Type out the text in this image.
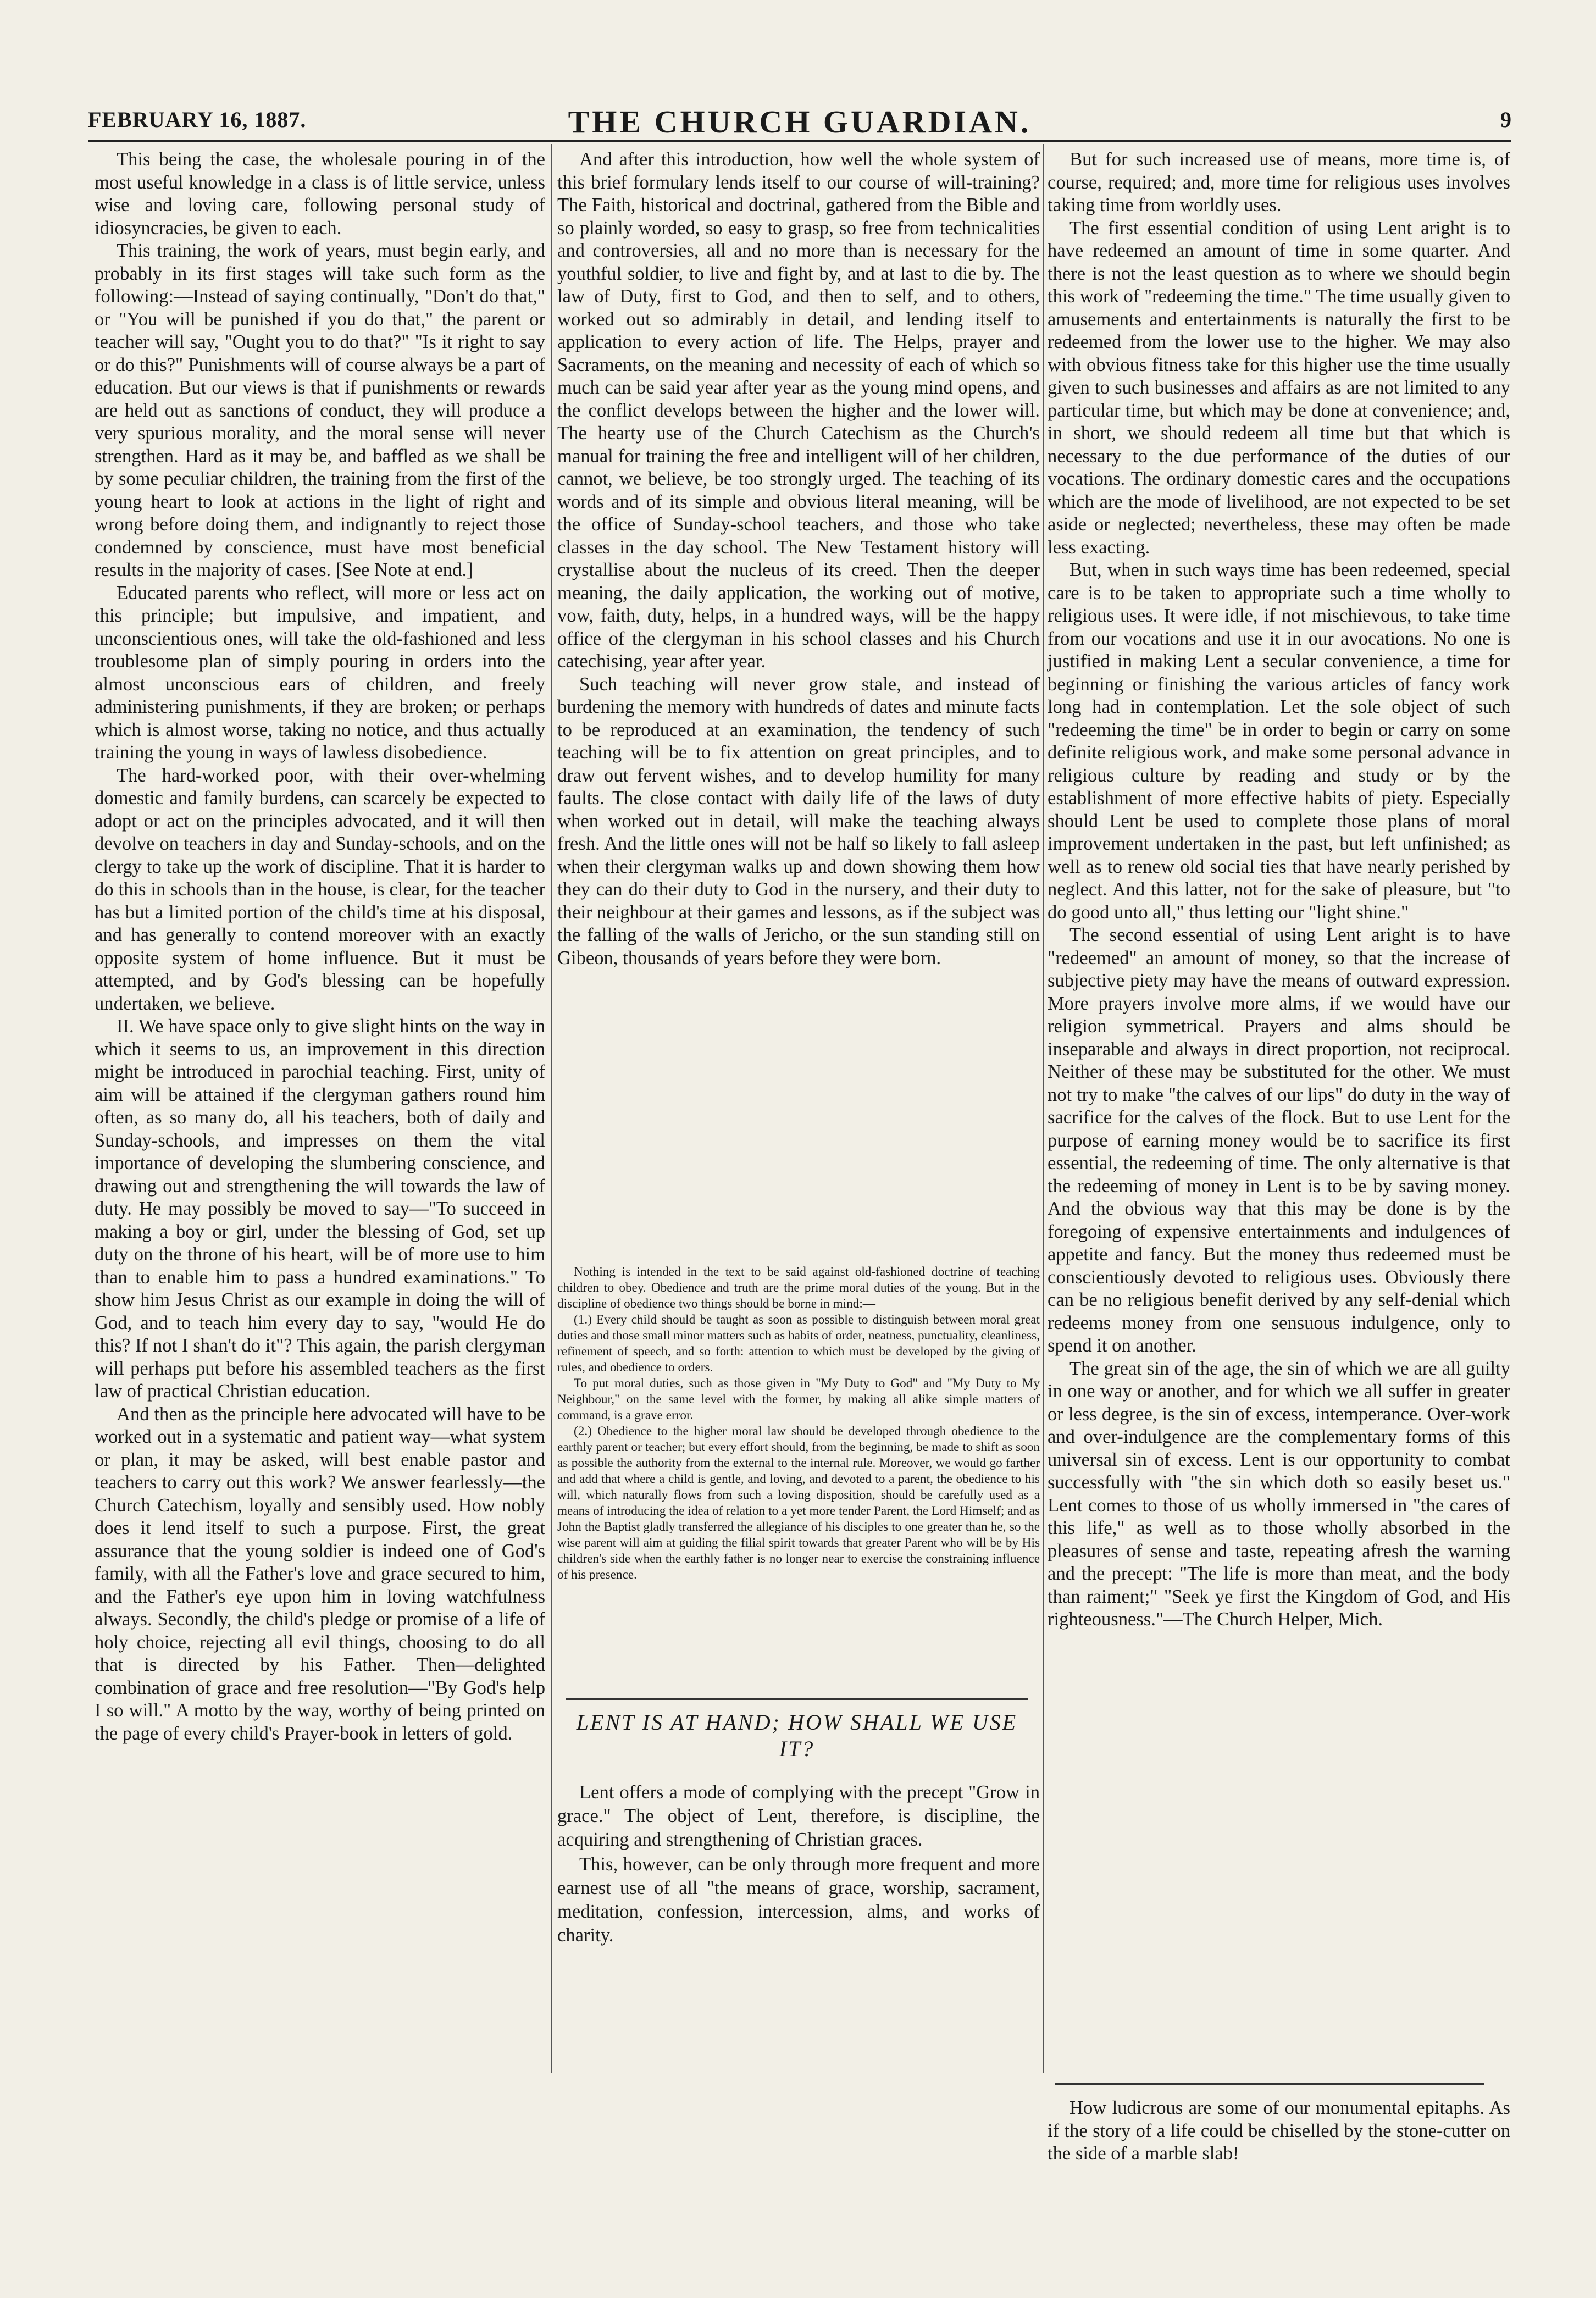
FEBRUARY 16, 1887.	THE CHURCH GUARDIAN.	9

This being the case, the wholesale pouring in of the most useful knowledge in a class is of little service, unless wise and loving care, following personal study of idiosyncracies, be given to each.

This training, the work of years, must begin early, and probably in its first stages will take such form as the following:—Instead of saying continually, "Don't do that," or "You will be punished if you do that," the parent or teacher will say, "Ought you to do that?" "Is it right to say or do this?" Punishments will of course always be a part of education. But our views is that if punishments or rewards are held out as sanctions of conduct, they will produce a very spurious morality, and the moral sense will never strengthen. Hard as it may be, and baffled as we shall be by some peculiar children, the training from the first of the young heart to look at actions in the light of right and wrong before doing them, and indignantly to reject those condemned by conscience, must have most beneficial results in the majority of cases. [See Note at end.]

Educated parents who reflect, will more or less act on this principle; but impulsive, and impatient, and unconscientious ones, will take the old-fashioned and less troublesome plan of simply pouring in orders into the almost unconscious ears of children, and freely administering punishments, if they are broken; or perhaps which is almost worse, taking no notice, and thus actually training the young in ways of lawless disobedience.

The hard-worked poor, with their over-whelming domestic and family burdens, can scarcely be expected to adopt or act on the principles advocated, and it will then devolve on teachers in day and Sunday-schools, and on the clergy to take up the work of discipline. That it is harder to do this in schools than in the house, is clear, for the teacher has but a limited portion of the child's time at his disposal, and has generally to contend moreover with an exactly opposite system of home influence. But it must be attempted, and by God's blessing can be hopefully undertaken, we believe.

II. We have space only to give slight hints on the way in which it seems to us, an improvement in this direction might be introduced in parochial teaching. First, unity of aim will be attained if the clergyman gathers round him often, as so many do, all his teachers, both of daily and Sunday-schools, and impresses on them the vital importance of developing the slumbering conscience, and drawing out and strengthening the will towards the law of duty. He may possibly be moved to say—"To succeed in making a boy or girl, under the blessing of God, set up duty on the throne of his heart, will be of more use to him than to enable him to pass a hundred examinations." To show him Jesus Christ as our example in doing the will of God, and to teach him every day to say, "would He do this? If not I shan't do it"? This again, the parish clergyman will perhaps put before his assembled teachers as the first law of practical Christian education.

And then as the principle here advocated will have to be worked out in a systematic and patient way—what system or plan, it may be asked, will best enable pastor and teachers to carry out this work? We answer fearlessly—the Church Catechism, loyally and sensibly used. How nobly does it lend itself to such a purpose. First, the great assurance that the young soldier is indeed one of God's family, with all the Father's love and grace secured to him, and the Father's eye upon him in loving watchfulness always. Secondly, the child's pledge or promise of a life of holy choice, rejecting all evil things, choosing to do all that is directed by his Father. Then—delighted combination of grace and free resolution—"By God's help I so will." A motto by the way, worthy of being printed on the page of every child's Prayer-book in letters of gold.

And after this introduction, how well the whole system of this brief formulary lends itself to our course of will-training? The Faith, historical and doctrinal, gathered from the Bible and so plainly worded, so easy to grasp, so free from technicalities and controversies, all and no more than is necessary for the youthful soldier, to live and fight by, and at last to die by. The law of Duty, first to God, and then to self, and to others, worked out so admirably in detail, and lending itself to application to every action of life. The Helps, prayer and Sacraments, on the meaning and necessity of each of which so much can be said year after year as the young mind opens, and the conflict develops between the higher and the lower will. The hearty use of the Church Catechism as the Church's manual for training the free and intelligent will of her children, cannot, we believe, be too strongly urged. The teaching of its words and of its simple and obvious literal meaning, will be the office of Sunday-school teachers, and those who take classes in the day school. The New Testament history will crystallise about the nucleus of its creed. Then the deeper meaning, the daily application, the working out of motive, vow, faith, duty, helps, in a hundred ways, will be the happy office of the clergyman in his school classes and his Church catechising, year after year.

Such teaching will never grow stale, and instead of burdening the memory with hundreds of dates and minute facts to be reproduced at an examination, the tendency of such teaching will be to fix attention on great principles, and to draw out fervent wishes, and to develop humility for many faults. The close contact with daily life of the laws of duty when worked out in detail, will make the teaching always fresh. And the little ones will not be half so likely to fall asleep when their clergyman walks up and down showing them how they can do their duty to God in the nursery, and their duty to their neighbour at their games and lessons, as if the subject was the falling of the walls of Jericho, or the sun standing still on Gibeon, thousands of years before they were born.

Nothing is intended in the text to be said against old-fashioned doctrine of teaching children to obey. Obedience and truth are the prime moral duties of the young. But in the discipline of obedience two things should be borne in mind:—

(1.) Every child should be taught as soon as possible to distinguish between moral great duties and those small minor matters such as habits of order, neatness, punctuality, cleanliness, refinement of speech, and so forth: attention to which must be developed by the giving of rules, and obedience to orders.

To put moral duties, such as those given in "My Duty to God" and "My Duty to My Neighbour," on the same level with the former, by making all alike simple matters of command, is a grave error.

(2.) Obedience to the higher moral law should be developed through obedience to the earthly parent or teacher; but every effort should, from the beginning, be made to shift as soon as possible the authority from the external to the internal rule. Moreover, we would go farther and add that where a child is gentle, and loving, and devoted to a parent, the obedience to his will, which naturally flows from such a loving disposition, should be carefully used as a means of introducing the idea of relation to a yet more tender Parent, the Lord Himself; and as John the Baptist gladly transferred the allegiance of his disciples to one greater than he, so the wise parent will aim at guiding the filial spirit towards that greater Parent who will be by His children's side when the earthly father is no longer near to exercise the constraining influence of his presence.

LENT IS AT HAND; HOW SHALL WE USE IT?

Lent offers a mode of complying with the precept "Grow in grace." The object of Lent, therefore, is discipline, the acquiring and strengthening of Christian graces.

This, however, can be only through more frequent and more earnest use of all "the means of grace, worship, sacrament, meditation, confession, intercession, alms, and works of charity.

But for such increased use of means, more time is, of course, required; and, more time for religious uses involves taking time from worldly uses.

The first essential condition of using Lent aright is to have redeemed an amount of time in some quarter. And there is not the least question as to where we should begin this work of "redeeming the time." The time usually given to amusements and entertainments is naturally the first to be redeemed from the lower use to the higher. We may also with obvious fitness take for this higher use the time usually given to such businesses and affairs as are not limited to any particular time, but which may be done at convenience; and, in short, we should redeem all time but that which is necessary to the due performance of the duties of our vocations. The ordinary domestic cares and the occupations which are the mode of livelihood, are not expected to be set aside or neglected; nevertheless, these may often be made less exacting.

But, when in such ways time has been redeemed, special care is to be taken to appropriate such a time wholly to religious uses. It were idle, if not mischievous, to take time from our vocations and use it in our avocations. No one is justified in making Lent a secular convenience, a time for beginning or finishing the various articles of fancy work long had in contemplation. Let the sole object of such "redeeming the time" be in order to begin or carry on some definite religious work, and make some personal advance in religious culture by reading and study or by the establishment of more effective habits of piety. Especially should Lent be used to complete those plans of moral improvement undertaken in the past, but left unfinished; as well as to renew old social ties that have nearly perished by neglect. And this latter, not for the sake of pleasure, but "to do good unto all," thus letting our "light shine."

The second essential of using Lent aright is to have "redeemed" an amount of money, so that the increase of subjective piety may have the means of outward expression. More prayers involve more alms, if we would have our religion symmetrical. Prayers and alms should be inseparable and always in direct proportion, not reciprocal. Neither of these may be substituted for the other. We must not try to make "the calves of our lips" do duty in the way of sacrifice for the calves of the flock. But to use Lent for the purpose of earning money would be to sacrifice its first essential, the redeeming of time. The only alternative is that the redeeming of money in Lent is to be by saving money. And the obvious way that this may be done is by the foregoing of expensive entertainments and indulgences of appetite and fancy. But the money thus redeemed must be conscientiously devoted to religious uses. Obviously there can be no religious benefit derived by any self-denial which redeems money from one sensuous indulgence, only to spend it on another.

The great sin of the age, the sin of which we are all guilty in one way or another, and for which we all suffer in greater or less degree, is the sin of excess, intemperance. Over-work and over-indulgence are the complementary forms of this universal sin of excess. Lent is our opportunity to combat successfully with "the sin which doth so easily beset us." Lent comes to those of us wholly immersed in "the cares of this life," as well as to those wholly absorbed in the pleasures of sense and taste, repeating afresh the warning and the precept: "The life is more than meat, and the body than raiment;" "Seek ye first the Kingdom of God, and His righteousness."—The Church Helper, Mich.

How ludicrous are some of our monumental epitaphs. As if the story of a life could be chiselled by the stone-cutter on the side of a marble slab!
